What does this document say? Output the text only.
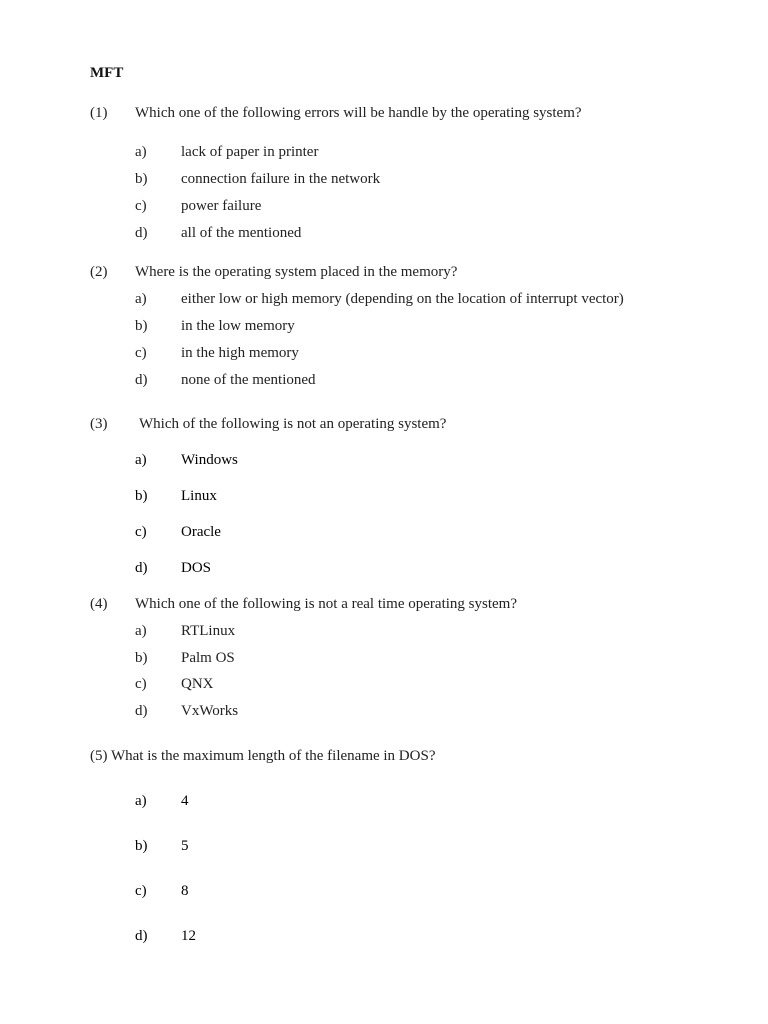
MFT
(1) Which one of the following errors will be handle by the operating system?
a) lack of paper in printer
b) connection failure in the network
c) power failure
d) all of the mentioned
(2) Where is the operating system placed in the memory?
a) either low or high memory (depending on the location of interrupt vector)
b) in the low memory
c) in the high memory
d) none of the mentioned
(3) Which of the following is not an operating system?
a) Windows
b) Linux
c) Oracle
d) DOS
(4) Which one of the following is not a real time operating system?
a) RTLinux
b) Palm OS
c) QNX
d) VxWorks
(5) What is the maximum length of the filename in DOS?
a) 4
b) 5
c) 8
d) 12
